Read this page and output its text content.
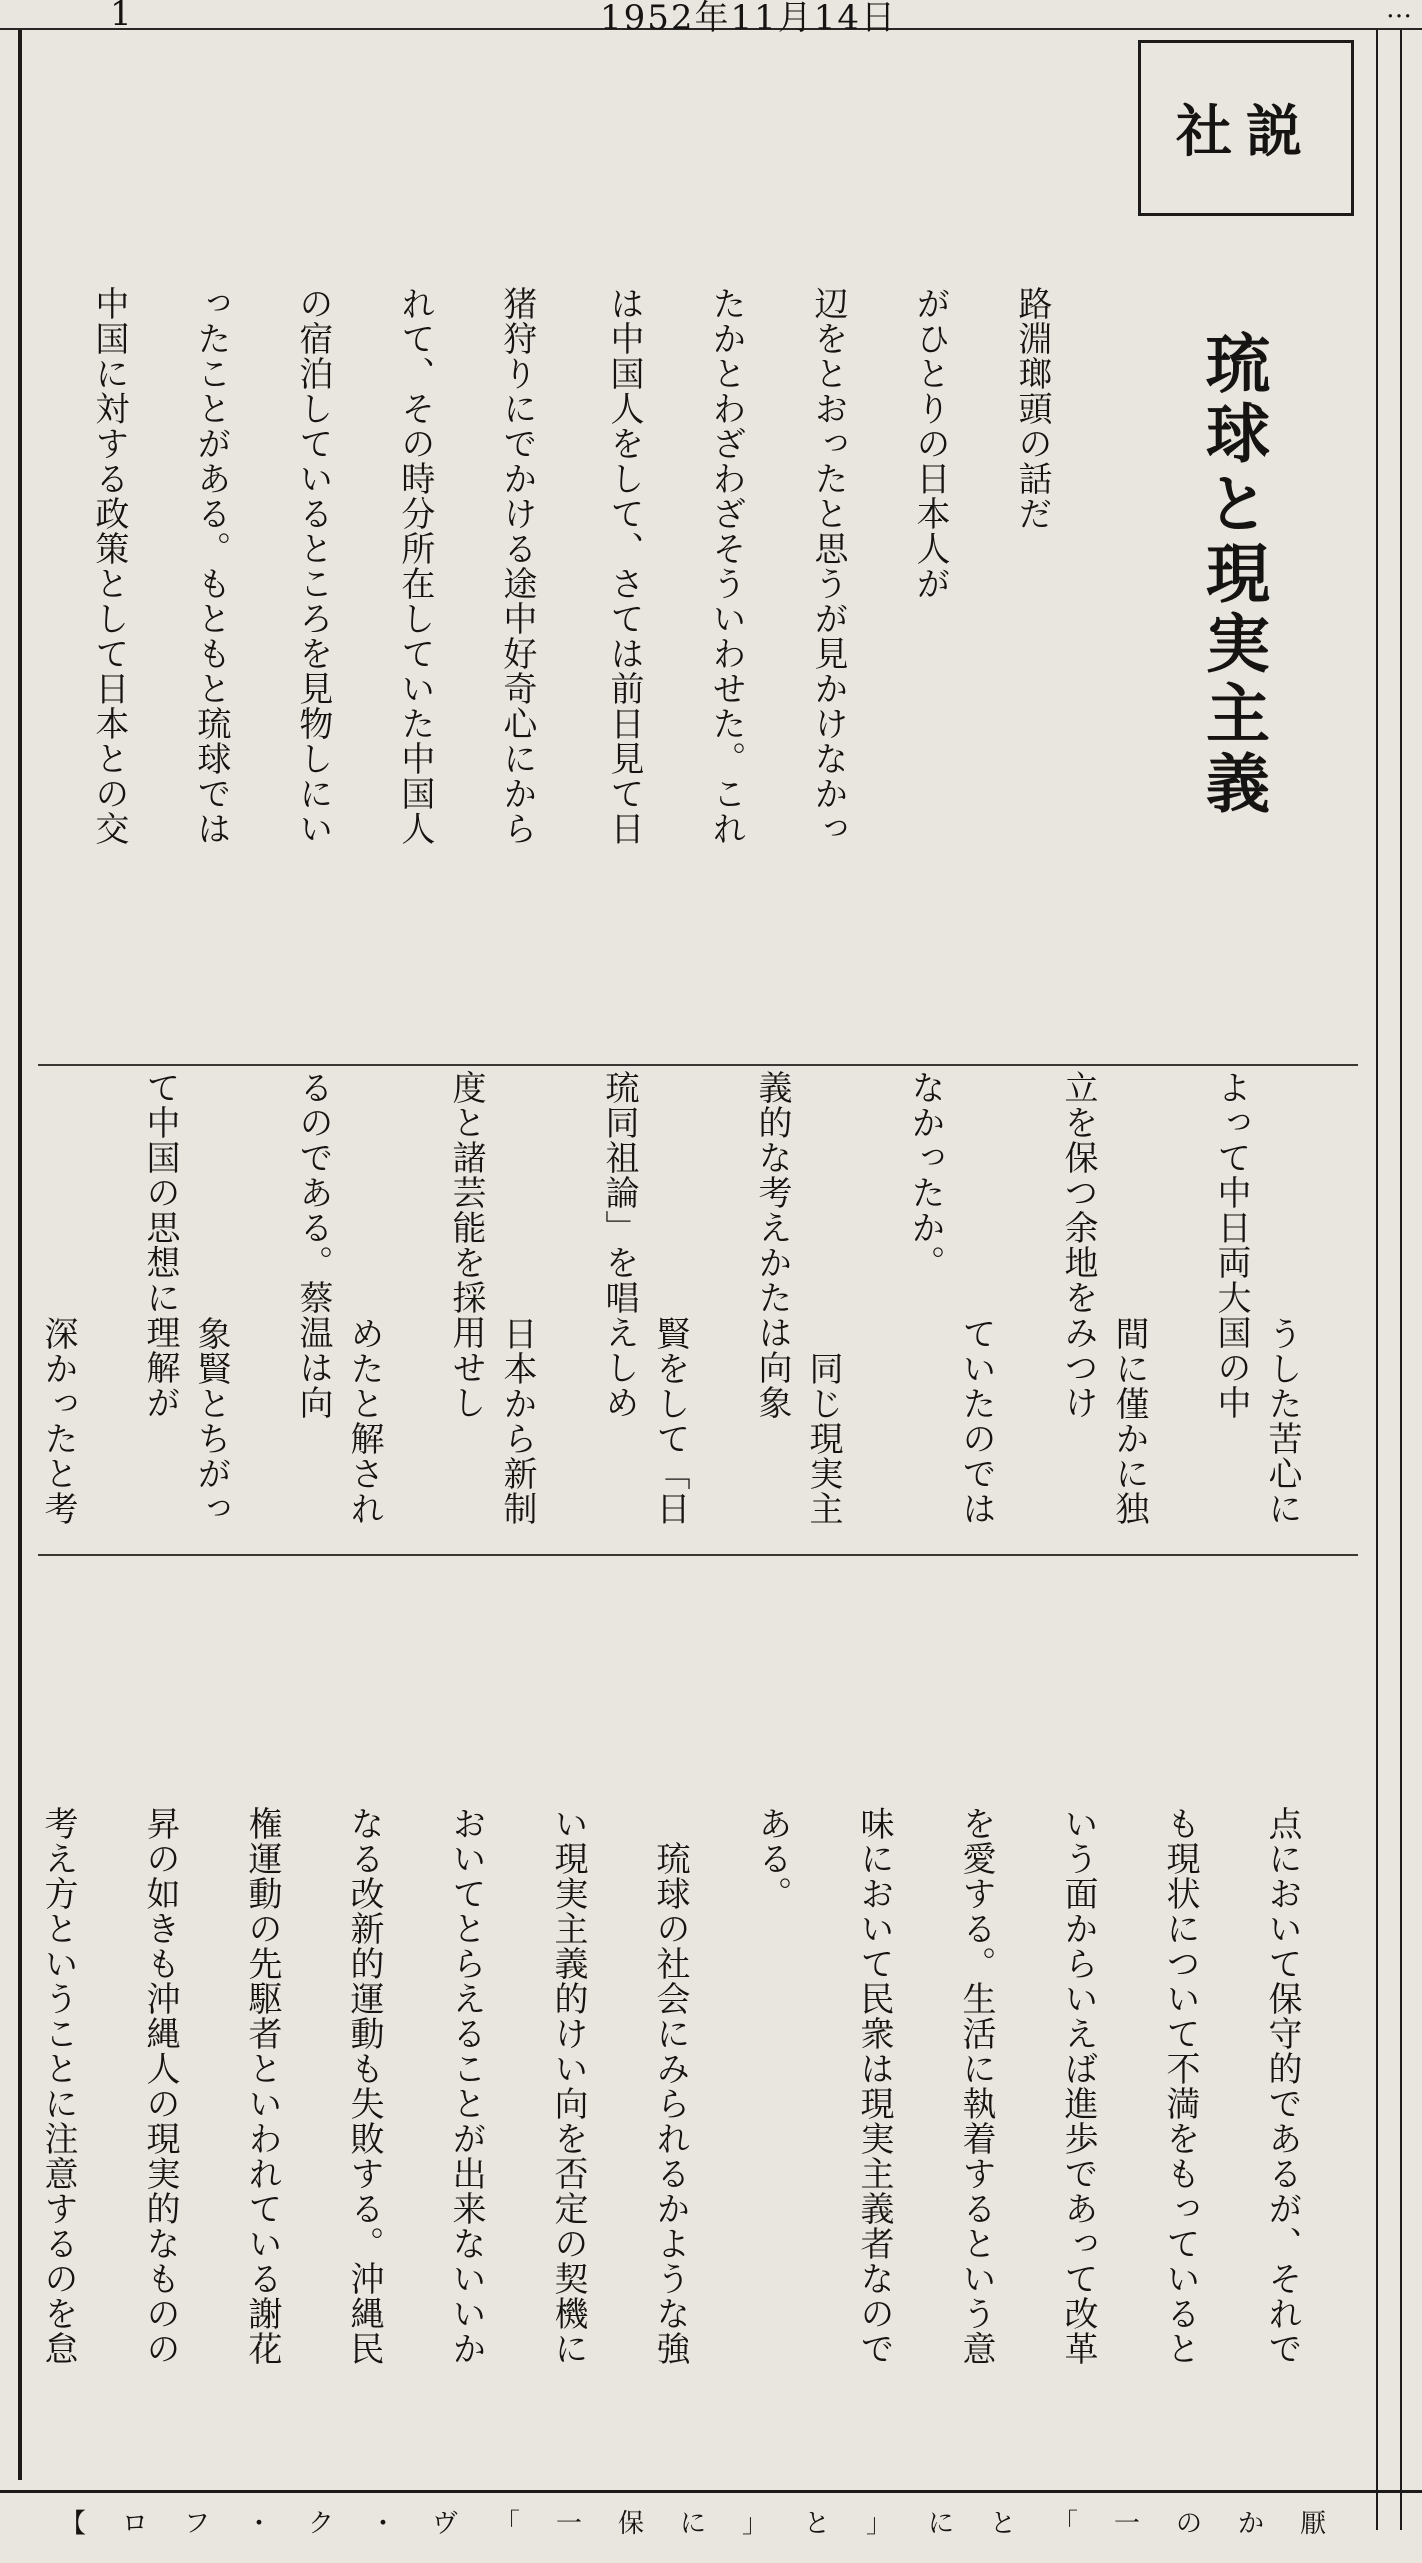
1	1952年11月14日	…
社説
琉球と現実主義

路淵瑯頭の話だ

がひとりの日本人が

辺をとおったと思うが見かけなかっ

たかとわざわざそういわせた。これ

は中国人をして、さては前日見て日

猪狩りにでかける途中好奇心にから

れて、その時分所在していた中国人

の宿泊しているところを見物しにい

ったことがある。もともと琉球では

中国に対する政策として日本との交

うした苦心によって中日両大国の中

間に僅かに独立を保つ余地をみつけ

ていたのではなかったか。

　同じ現実主義的な考えかたは向象

賢をして「日琉同祖論」を唱えしめ

日本から新制度と諸芸能を採用せし

めたと解されるのである。蔡温は向

象賢とちがって中国の思想に理解が

深かったと考

点において保守的であるが、それで

も現状について不満をもっていると

いう面からいえば進歩であって改革

を愛する。生活に執着するという意

味において民衆は現実主義者なので

ある。

　琉球の社会にみられるかような強

い現実主義的けい向を否定の契機に

おいてとらえることが出来ないいか

なる改新的運動も失敗する。沖縄民

権運動の先駆者といわれている謝花

昇の如きも沖縄人の現実的なものの

考え方ということに注意するのを怠

【ロフ・ク・ヴ「一保に」と」にと「一のか厭
